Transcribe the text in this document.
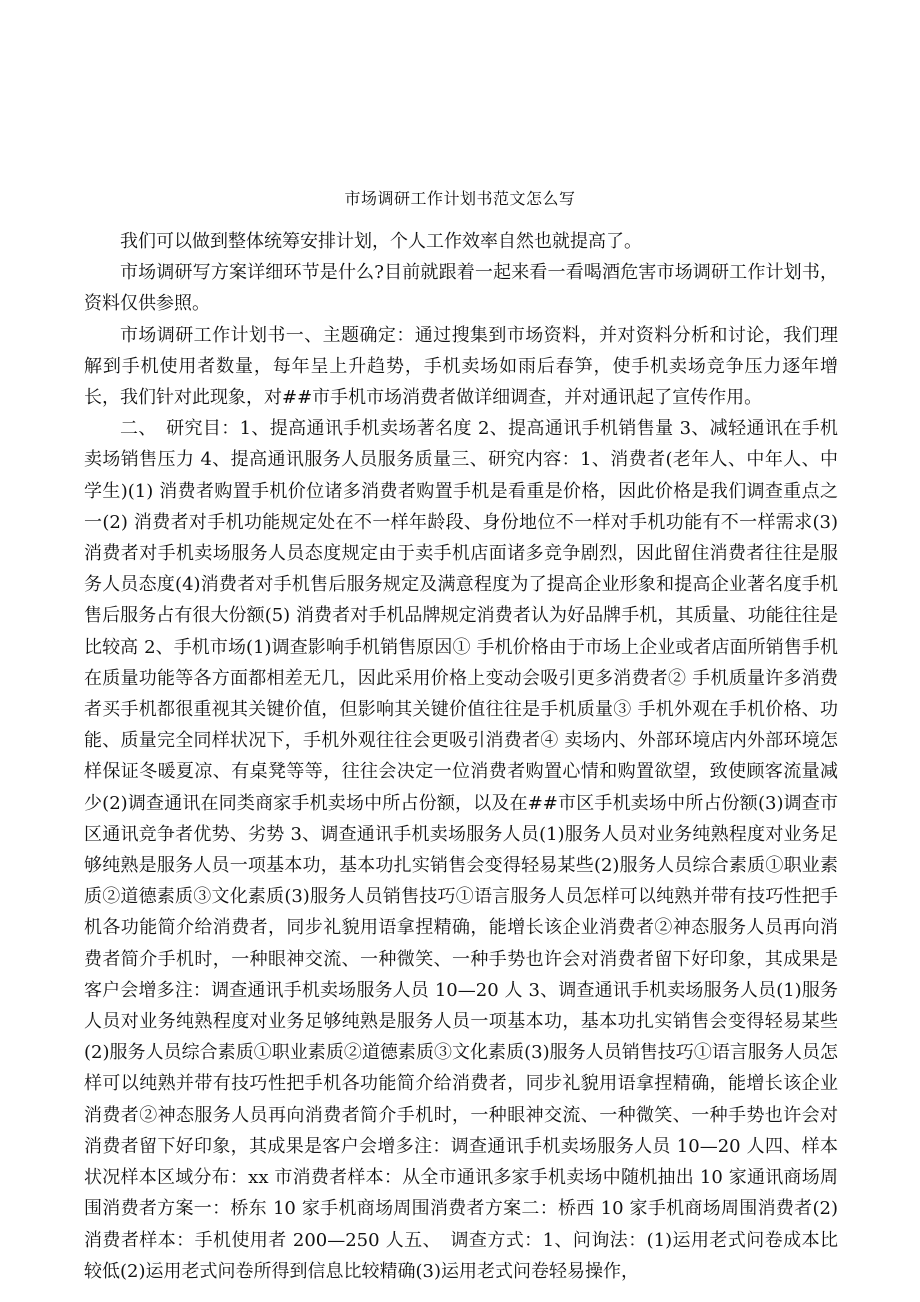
市场调研工作计划书范文怎么写

我们可以做到整体统筹安排计划，个人工作效率自然也就提高了。

市场调研写方案详细环节是什么?目前就跟着一起来看一看喝酒危害市场调研工作计划书，资料仅供参照。

市场调研工作计划书一、主题确定：通过搜集到市场资料，并对资料分析和讨论，我们理解到手机使用者数量，每年呈上升趋势，手机卖场如雨后春笋，使手机卖场竞争压力逐年增长，我们针对此现象，对##市手机市场消费者做详细调查，并对通讯起了宣传作用。

二、　研究目：1、提高通讯手机卖场著名度 2、提高通讯手机销售量 3、减轻通讯在手机卖场销售压力 4、提高通讯服务人员服务质量三、研究内容：1、消费者(老年人、中年人、中学生)(1) 消费者购置手机价位诸多消费者购置手机是看重是价格，因此价格是我们调查重点之一(2) 消费者对手机功能规定处在不一样年龄段、身份地位不一样对手机功能有不一样需求(3) 消费者对手机卖场服务人员态度规定由于卖手机店面诸多竞争剧烈，因此留住消费者往往是服务人员态度(4)消费者对手机售后服务规定及满意程度为了提高企业形象和提高企业著名度手机售后服务占有很大份额(5) 消费者对手机品牌规定消费者认为好品牌手机，其质量、功能往往是比较高 2、手机市场(1)调查影响手机销售原因① 手机价格由于市场上企业或者店面所销售手机在质量功能等各方面都相差无几，因此采用价格上变动会吸引更多消费者② 手机质量许多消费者买手机都很重视其关键价值，但影响其关键价值往往是手机质量③ 手机外观在手机价格、功能、质量完全同样状况下，手机外观往往会更吸引消费者④ 卖场内、外部环境店内外部环境怎样保证冬暖夏凉、有桌凳等等，往往会决定一位消费者购置心情和购置欲望，致使顾客流量减少(2)调查通讯在同类商家手机卖场中所占份额，以及在##市区手机卖场中所占份额(3)调查市区通讯竞争者优势、劣势 3、调查通讯手机卖场服务人员(1)服务人员对业务纯熟程度对业务足够纯熟是服务人员一项基本功，基本功扎实销售会变得轻易某些(2)服务人员综合素质①职业素质②道德素质③文化素质(3)服务人员销售技巧①语言服务人员怎样可以纯熟并带有技巧性把手机各功能简介给消费者，同步礼貌用语拿捏精确，能增长该企业消费者②神态服务人员再向消费者简介手机时，一种眼神交流、一种微笑、一种手势也许会对消费者留下好印象，其成果是客户会增多注：调查通讯手机卖场服务人员 10—20 人 3、调查通讯手机卖场服务人员(1)服务人员对业务纯熟程度对业务足够纯熟是服务人员一项基本功，基本功扎实销售会变得轻易某些(2)服务人员综合素质①职业素质②道德素质③文化素质(3)服务人员销售技巧①语言服务人员怎样可以纯熟并带有技巧性把手机各功能简介给消费者，同步礼貌用语拿捏精确，能增长该企业消费者②神态服务人员再向消费者简介手机时，一种眼神交流、一种微笑、一种手势也许会对消费者留下好印象，其成果是客户会增多注：调查通讯手机卖场服务人员 10—20 人四、样本状况样本区域分布：xx 市消费者样本：从全市通讯多家手机卖场中随机抽出 10 家通讯商场周围消费者方案一：桥东 10 家手机商场周围消费者方案二：桥西 10 家手机商场周围消费者(2)消费者样本：手机使用者 200—250 人五、　调查方式：1、问询法：(1)运用老式问卷成本比较低(2)运用老式问卷所得到信息比较精确(3)运用老式问卷轻易操作，
